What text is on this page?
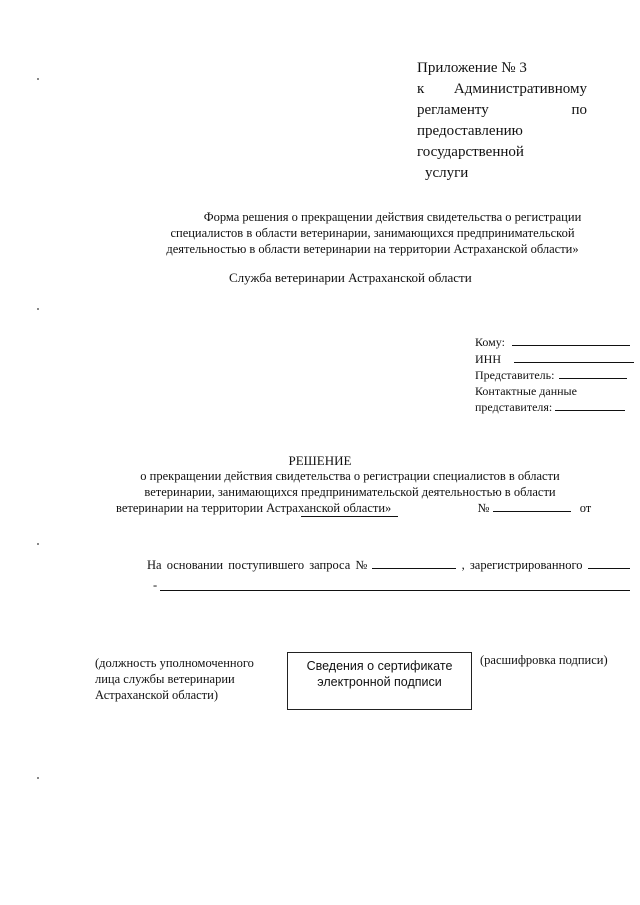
Приложение № 3
к Административному
регламенту	по
предоставлению
государственной
услуги
Форма решения о прекращении действия свидетельства о регистрации
специалистов в области ветеринарии, занимающихся предпринимательской
деятельностью в области ветеринарии на территории Астраханской области»
Служба ветеринарии Астраханской области
Кому:
ИНН
Представитель:
Контактные данные
представителя:
РЕШЕНИЕ
о прекращении действия свидетельства о регистрации специалистов в области
ветеринарии, занимающихся предпринимательской деятельностью в области
ветеринарии на территории Астраханской области»	№	от
На основании поступившего запроса №	, зарегистрированного
-
(должность уполномоченного
лица службы ветеринарии
Астраханской области)
Сведения о сертификате
электронной подписи
(расшифровка подписи)
